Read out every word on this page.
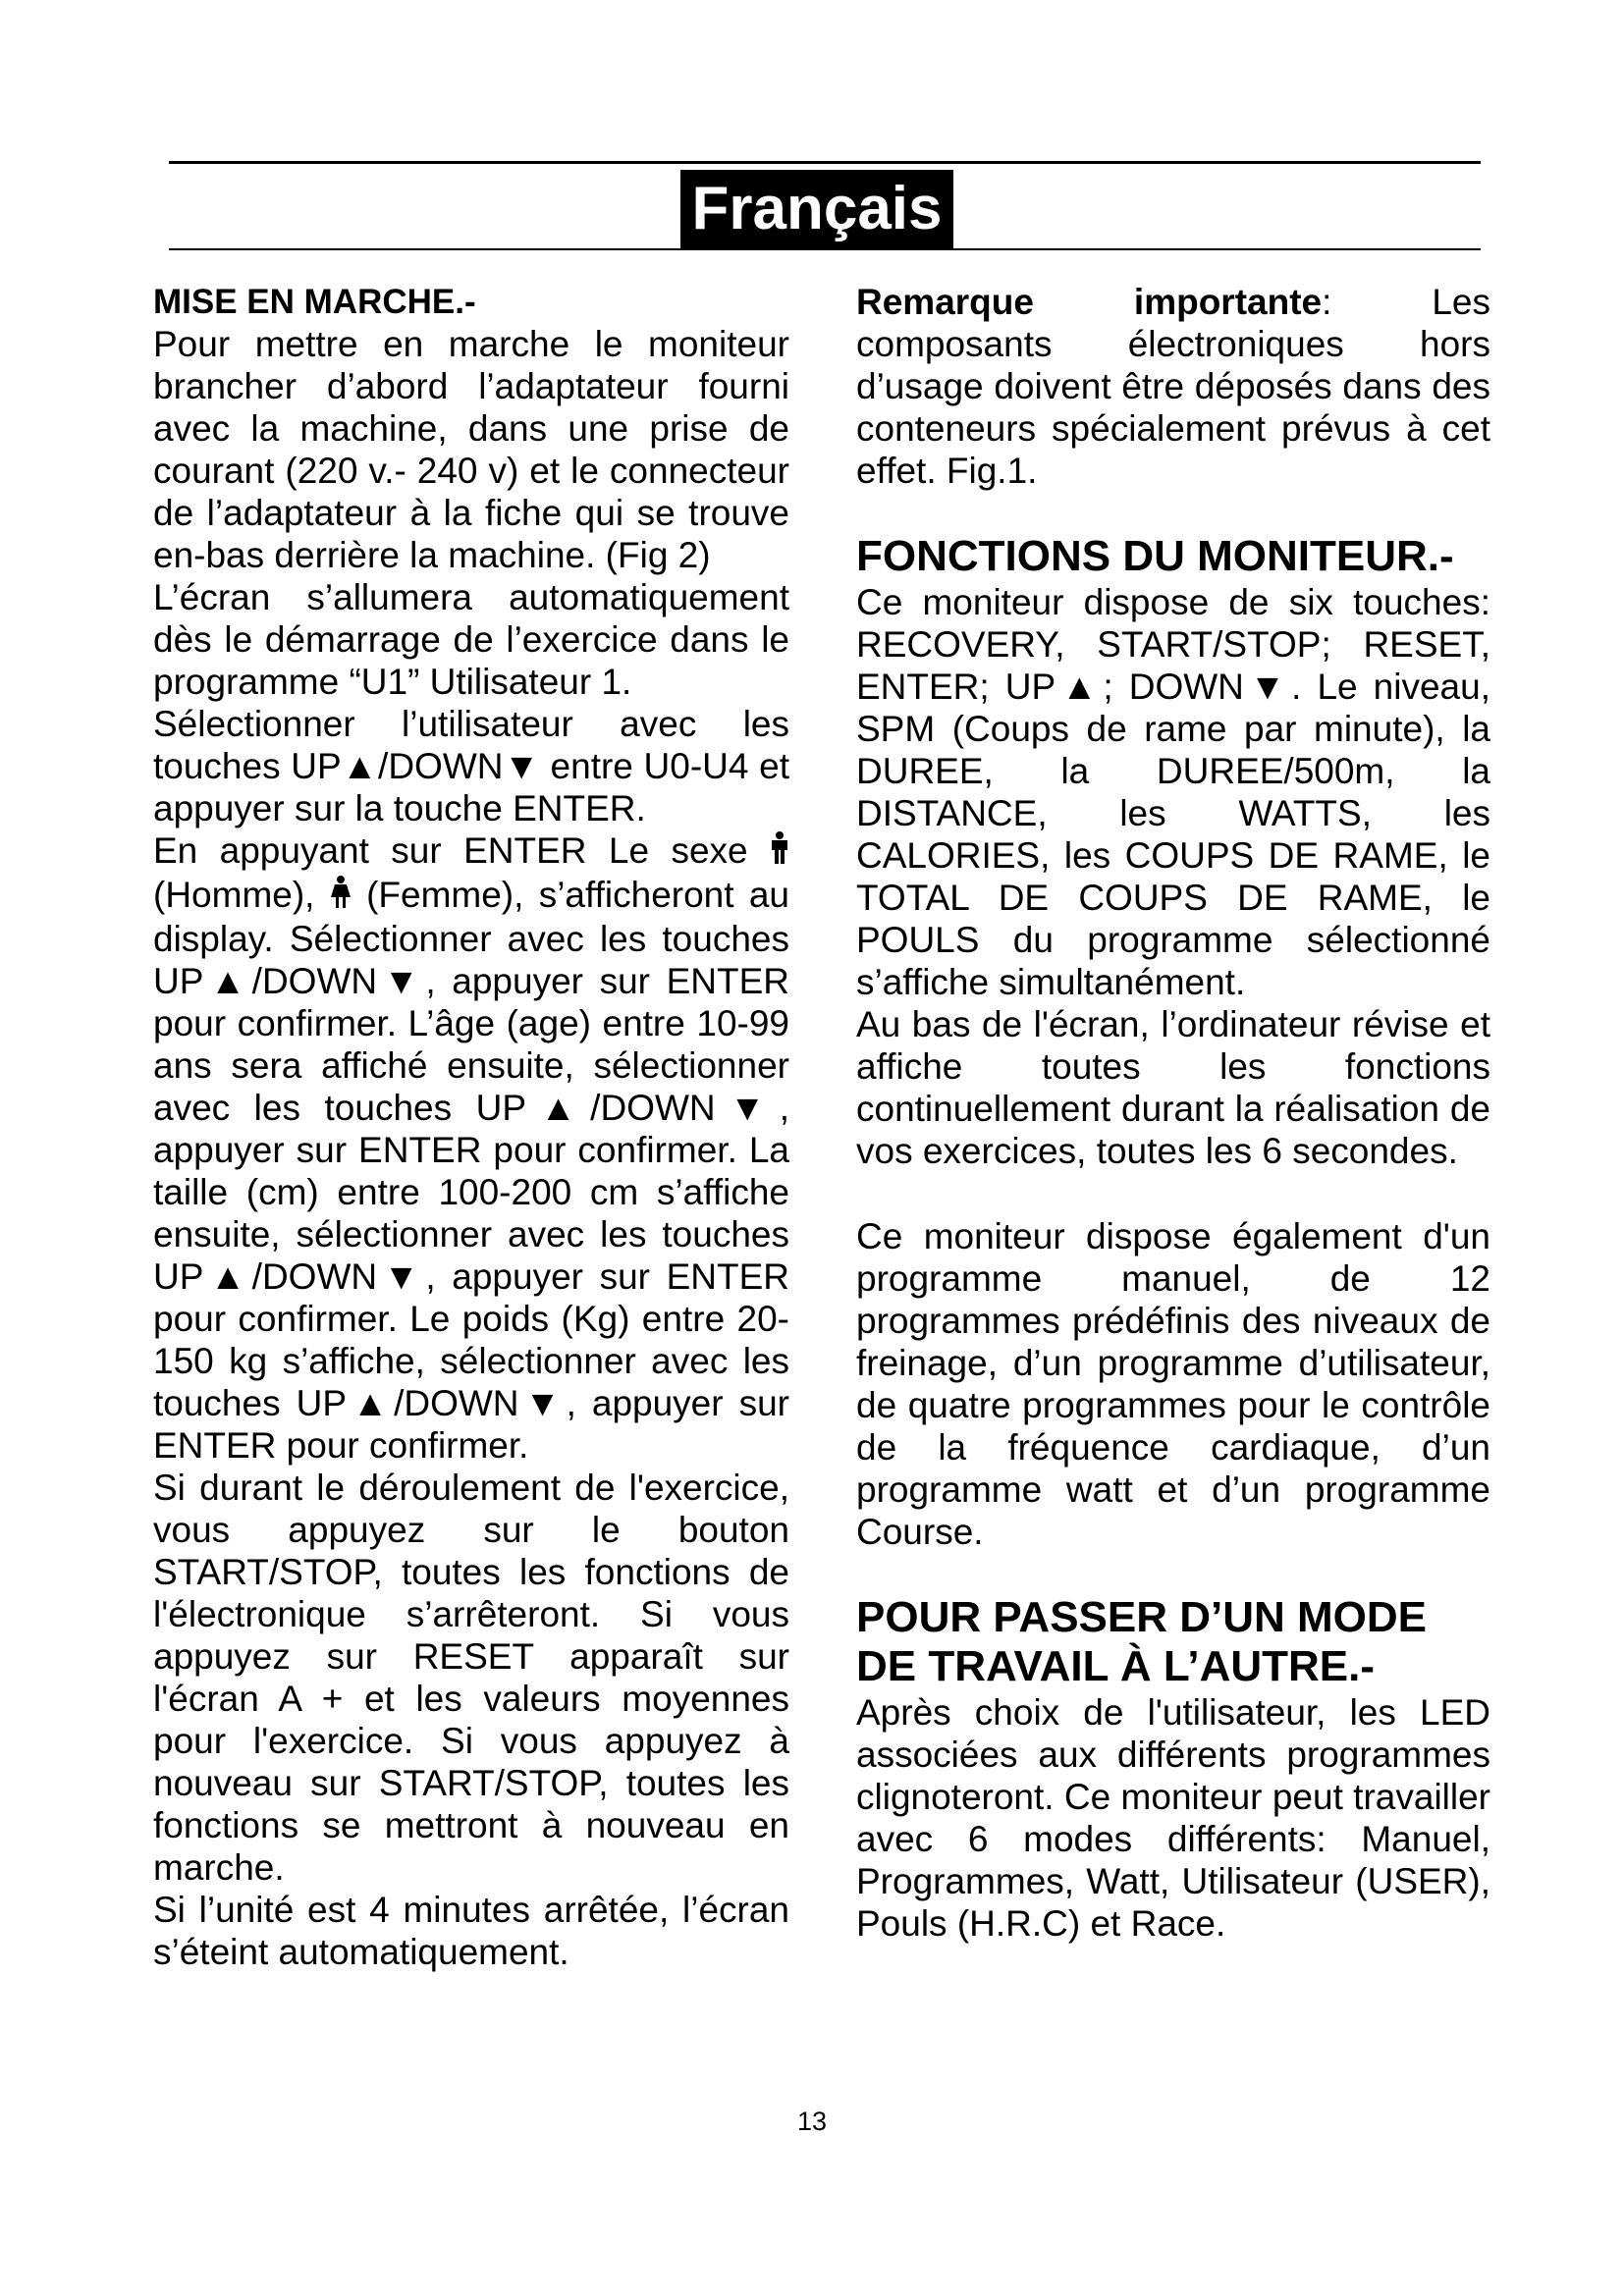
Français

MISE EN MARCHE.-

Pour mettre en marche le moniteur brancher d’abord l’adaptateur fourni avec la machine, dans une prise de courant (220 v.- 240 v) et le connecteur de l’adaptateur à la fiche qui se trouve en-bas derrière la machine. (Fig 2)

L’écran s’allumera automatiquement dès le démarrage de l’exercice dans le programme “U1” Utilisateur 1.

Sélectionner l’utilisateur avec les touches UP▲/DOWN▼ entre U0-U4 et appuyer sur la touche ENTER.

En appuyant sur ENTER Le sexe  (Homme), (Femme), s’afficheront au display. Sélectionner avec les touches UP▲/DOWN▼, appuyer sur ENTER pour confirmer. L’âge (age) entre 10-99 ans sera affiché ensuite, sélectionner avec les touches UP▲/DOWN▼, appuyer sur ENTER pour confirmer. La taille (cm) entre 100-200 cm s’affiche ensuite, sélectionner avec les touches UP▲/DOWN▼, appuyer sur ENTER pour confirmer. Le poids (Kg) entre 20-150 kg s’affiche, sélectionner avec les touches UP▲/DOWN▼, appuyer sur ENTER pour confirmer.

Si durant le déroulement de l'exercice, vous appuyez sur le bouton START/STOP, toutes les fonctions de l'électronique s’arrêteront. Si vous appuyez sur RESET apparaît sur l'écran A + et les valeurs moyennes pour l'exercice. Si vous appuyez à nouveau sur START/STOP, toutes les fonctions se mettront à nouveau en marche.

Si l’unité est 4 minutes arrêtée, l’écran s’éteint automatiquement.

Remarque importante: Les composants électroniques hors d’usage doivent être déposés dans des conteneurs spécialement prévus à cet effet. Fig.1.

FONCTIONS DU MONITEUR.-

Ce moniteur dispose de six touches: RECOVERY, START/STOP; RESET, ENTER; UP▲; DOWN▼. Le niveau, SPM (Coups de rame par minute), la DUREE, la DUREE/500m, la DISTANCE, les WATTS, les CALORIES, les COUPS DE RAME, le TOTAL DE COUPS DE RAME, le POULS du programme sélectionné s’affiche simultanément.

Au bas de l'écran, l’ordinateur révise et affiche toutes les fonctions continuellement durant la réalisation de vos exercices, toutes les 6 secondes.

Ce moniteur dispose également d'un programme manuel, de 12 programmes prédéfinis des niveaux de freinage, d’un programme d’utilisateur, de quatre programmes pour le contrôle de la fréquence cardiaque, d’un programme watt et d’un programme Course.

POUR PASSER D’UN MODE DE TRAVAIL À L’AUTRE.-

Après choix de l'utilisateur, les LED associées aux différents programmes clignoteront. Ce moniteur peut travailler avec 6 modes différents: Manuel, Programmes, Watt, Utilisateur (USER), Pouls (H.R.C) et Race.

13
